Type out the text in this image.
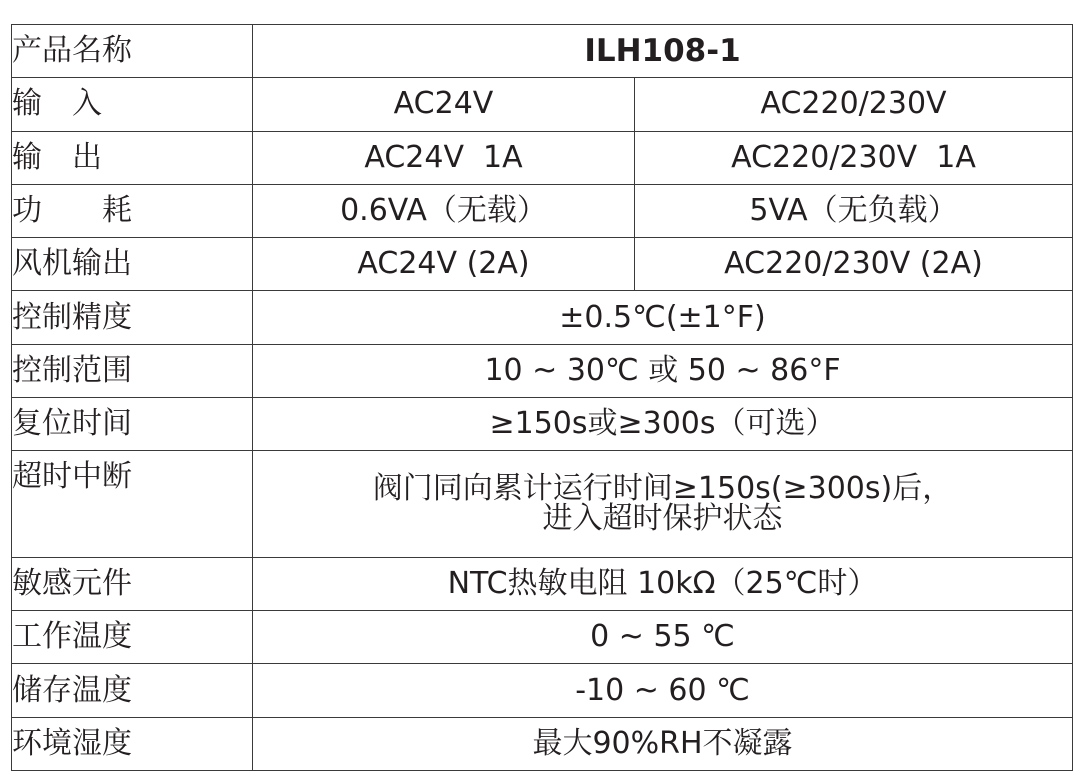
产品名称	ILH108-1	
输　入	AC24V	AC220/230V
输　出	AC24V  1A	AC220/230V  1A
功　　耗	0.6VA（无载）	5VA（无负载）
风机输出	AC24V (2A)	AC220/230V (2A)
控制精度	±0.5℃(±1°F)	
控制范围	10 ~ 30℃ 或 50 ~ 86°F	
复位时间	≥150s或≥300s（可选）	
超时中断	阀门同向累计运行时间≥150s(≥300s)后，
进入超时保护状态	

敏感元件	NTC热敏电阻 10kΩ（25℃时）	
工作温度	0 ~ 55 ℃	
储存温度	-10 ~ 60 ℃	
环境湿度	最大90%RH不凝露	
